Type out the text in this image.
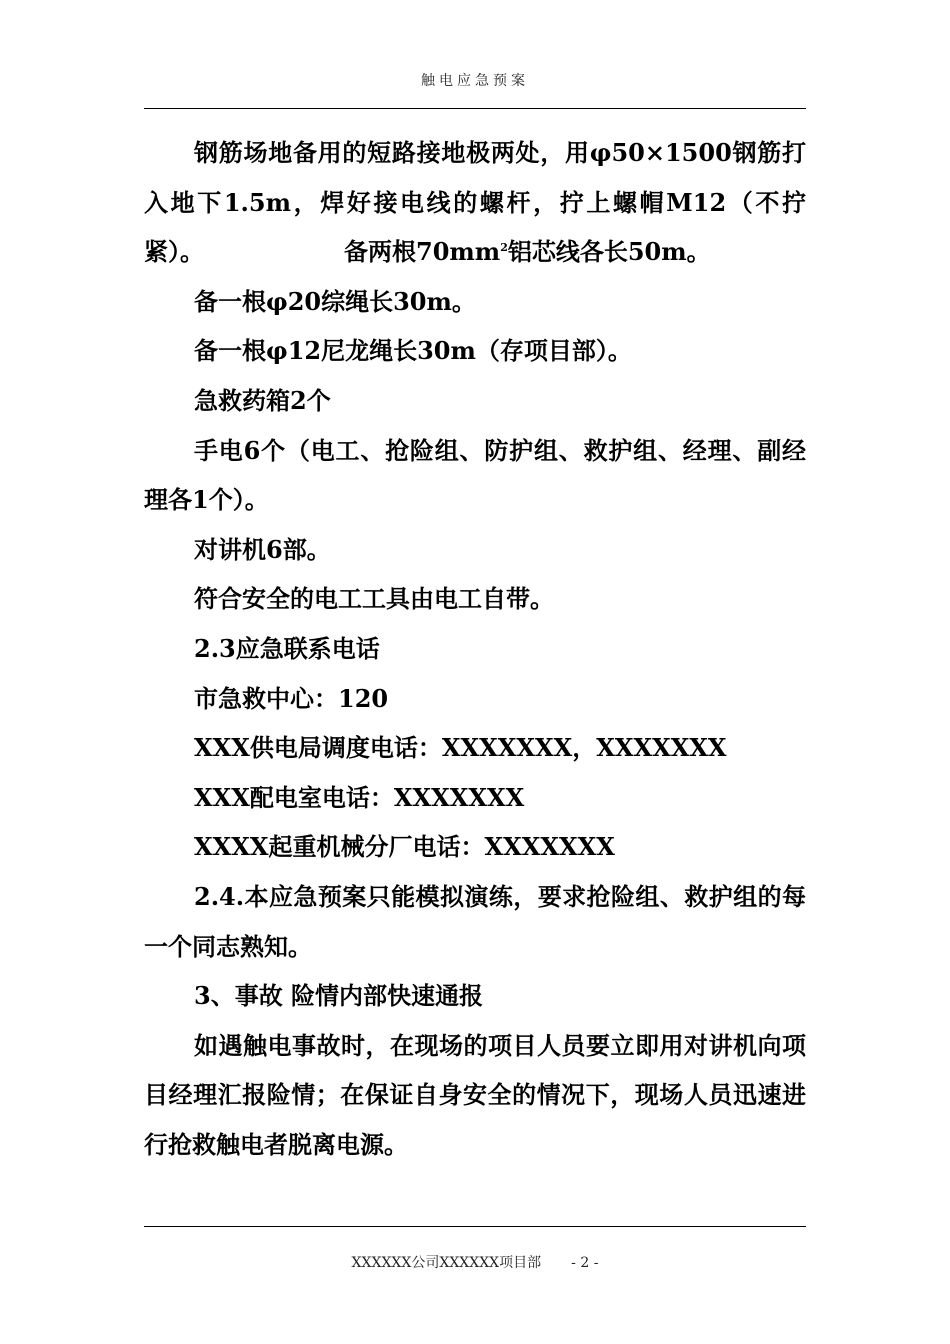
触电应急预案

钢筋场地备用的短路接地极两处，用φ50×1500钢筋打入地下1.5m，焊好接电线的螺杆，拧上螺帽M12（不拧紧）。	备两根$70mm^2$铝芯线各长50m。

备一根φ20综绳长30m。

备一根φ12尼龙绳长30m（存项目部）。

急救药箱2个

手电6个（电工、抢险组、防护组、救护组、经理、副经理各1个）。

对讲机6部。

符合安全的电工工具由电工自带。

2.3应急联系电话

市急救中心：120

XXX供电局调度电话：XXXXXXX，XXXXXXX

XXX配电室电话：XXXXXXX

XXXX起重机械分厂电话：XXXXXXX

2.4.本应急预案只能模拟演练，要求抢险组、救护组的每一个同志熟知。

3、事故 险情内部快速通报

如遇触电事故时，在现场的项目人员要立即用对讲机向项目经理汇报险情；在保证自身安全的情况下，现场人员迅速进行抢救触电者脱离电源。

XXXXXX公司XXXXXX项目部 - 2 -
